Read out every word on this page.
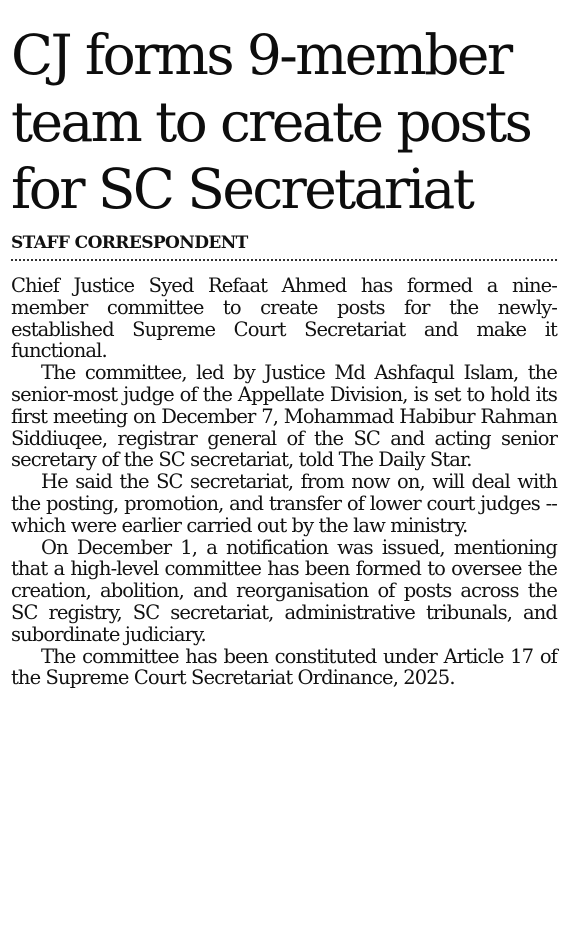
CJ forms 9-member
team to create posts
for SC Secretariat
STAFF CORRESPONDENT

Chief Justice Syed Refaat Ahmed has formed a nine-member committee to create posts for the newly-established Supreme Court Secretariat and make it functional.

The committee, led by Justice Md Ashfaqul Islam, the senior-most judge of the Appellate Division, is set to hold its first meeting on December 7, Mohammad Habibur Rahman Siddiuqee, registrar general of the SC and acting senior secretary of the SC secretariat, told The Daily Star.

He said the SC secretariat, from now on, will deal with the posting, promotion, and transfer of lower court judges -- which were earlier carried out by the law ministry.

On December 1, a notification was issued, mentioning that a high-level committee has been formed to oversee the creation, abolition, and reorganisation of posts across the SC registry, SC secretariat, administrative tribunals, and subordinate judiciary.

The committee has been constituted under Article 17 of the Supreme Court Secretariat Ordinance, 2025.
